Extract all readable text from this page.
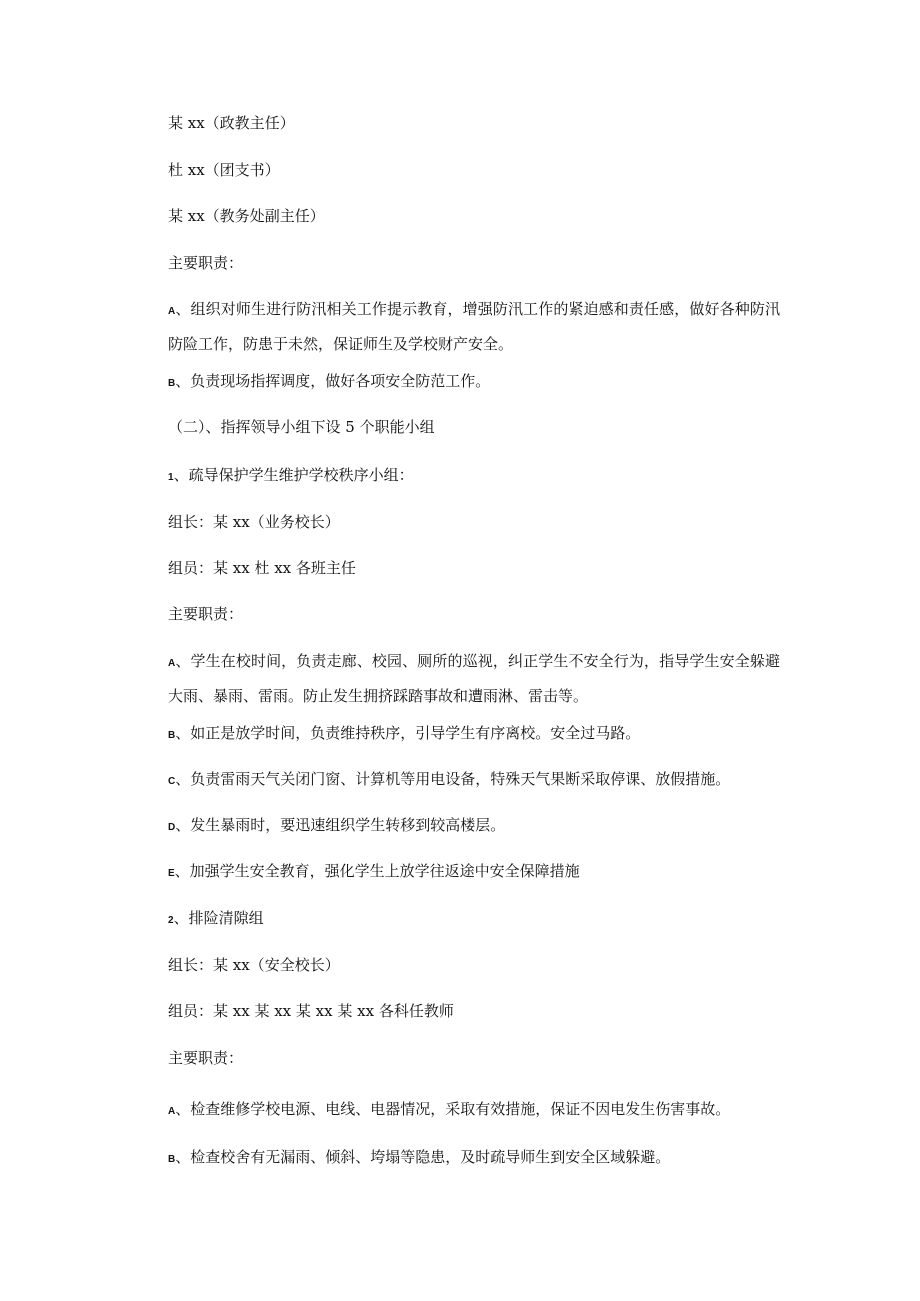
某 xx（政教主任）
杜 xx（团支书）
某 xx（教务处副主任）
主要职责：
A、组织对师生进行防汛相关工作提示教育，增强防汛工作的紧迫感和责任感，做好各种防汛防险工作，防患于未然，保证师生及学校财产安全。
B、负责现场指挥调度，做好各项安全防范工作。
（二）、指挥领导小组下设 5 个职能小组
1、疏导保护学生维护学校秩序小组：
组长：某 xx（业务校长）
组员：某 xx 杜 xx 各班主任
主要职责：
A、学生在校时间，负责走廊、校园、厕所的巡视，纠正学生不安全行为，指导学生安全躲避大雨、暴雨、雷雨。防止发生拥挤踩踏事故和遭雨淋、雷击等。
B、如正是放学时间，负责维持秩序，引导学生有序离校。安全过马路。
C、负责雷雨天气关闭门窗、计算机等用电设备，特殊天气果断采取停课、放假措施。
D、发生暴雨时，要迅速组织学生转移到较高楼层。
E、加强学生安全教育，强化学生上放学往返途中安全保障措施
2、排险清隙组
组长：某 xx（安全校长）
组员：某 xx 某 xx 某 xx 某 xx 各科任教师
主要职责：
A、检查维修学校电源、电线、电器情况，采取有效措施，保证不因电发生伤害事故。
B、检查校舍有无漏雨、倾斜、垮塌等隐患，及时疏导师生到安全区域躲避。
